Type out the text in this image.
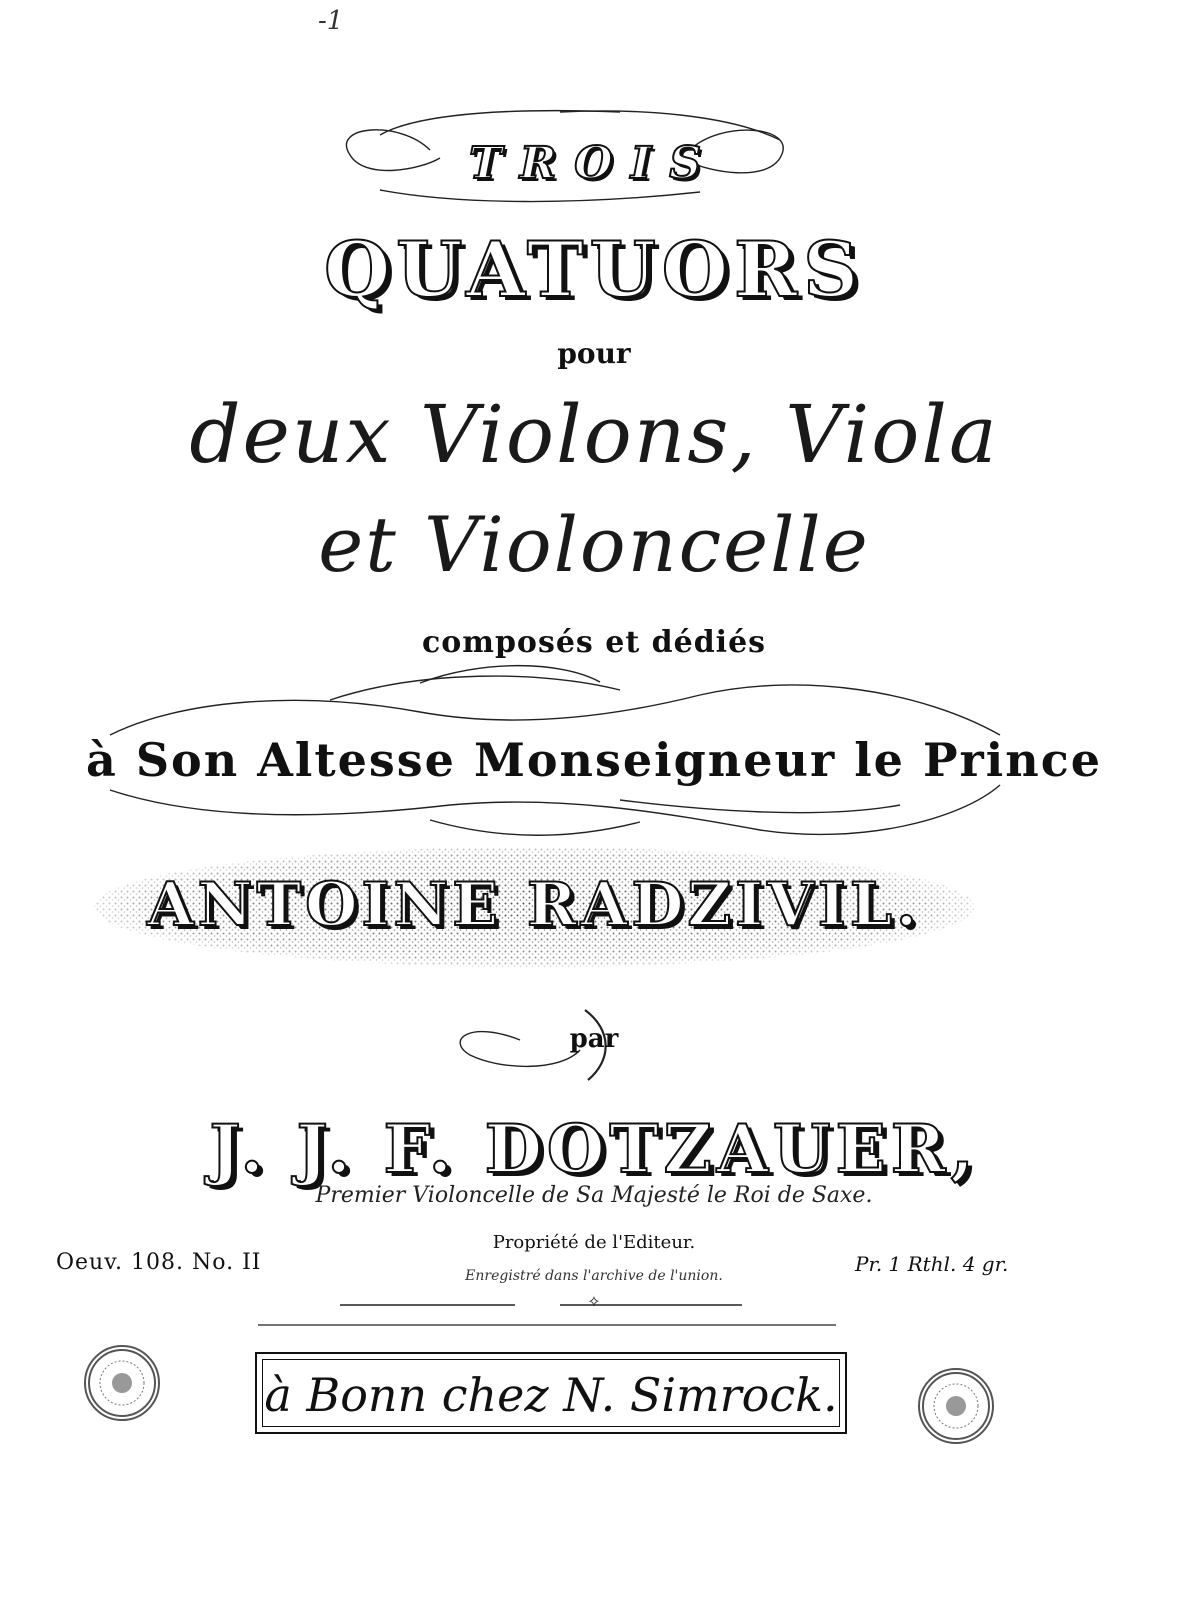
-1
TROIS
QUATUORS
pour
deux Violons, Viola
et Violoncelle
composés et dédiés
à Son Altesse Monseigneur le Prince
ANTOINE RADZIVIL.
par
J. J. F. DOTZAUER,
Premier Violoncelle de Sa Majesté le Roi de Saxe.
Oeuv. 108. No. II
Propriété de l'Editeur.
Pr. 1 Rthl. 4 gr.
Enregistré dans l'archive de l'union.
✧
à Bonn chez N. Simrock.
